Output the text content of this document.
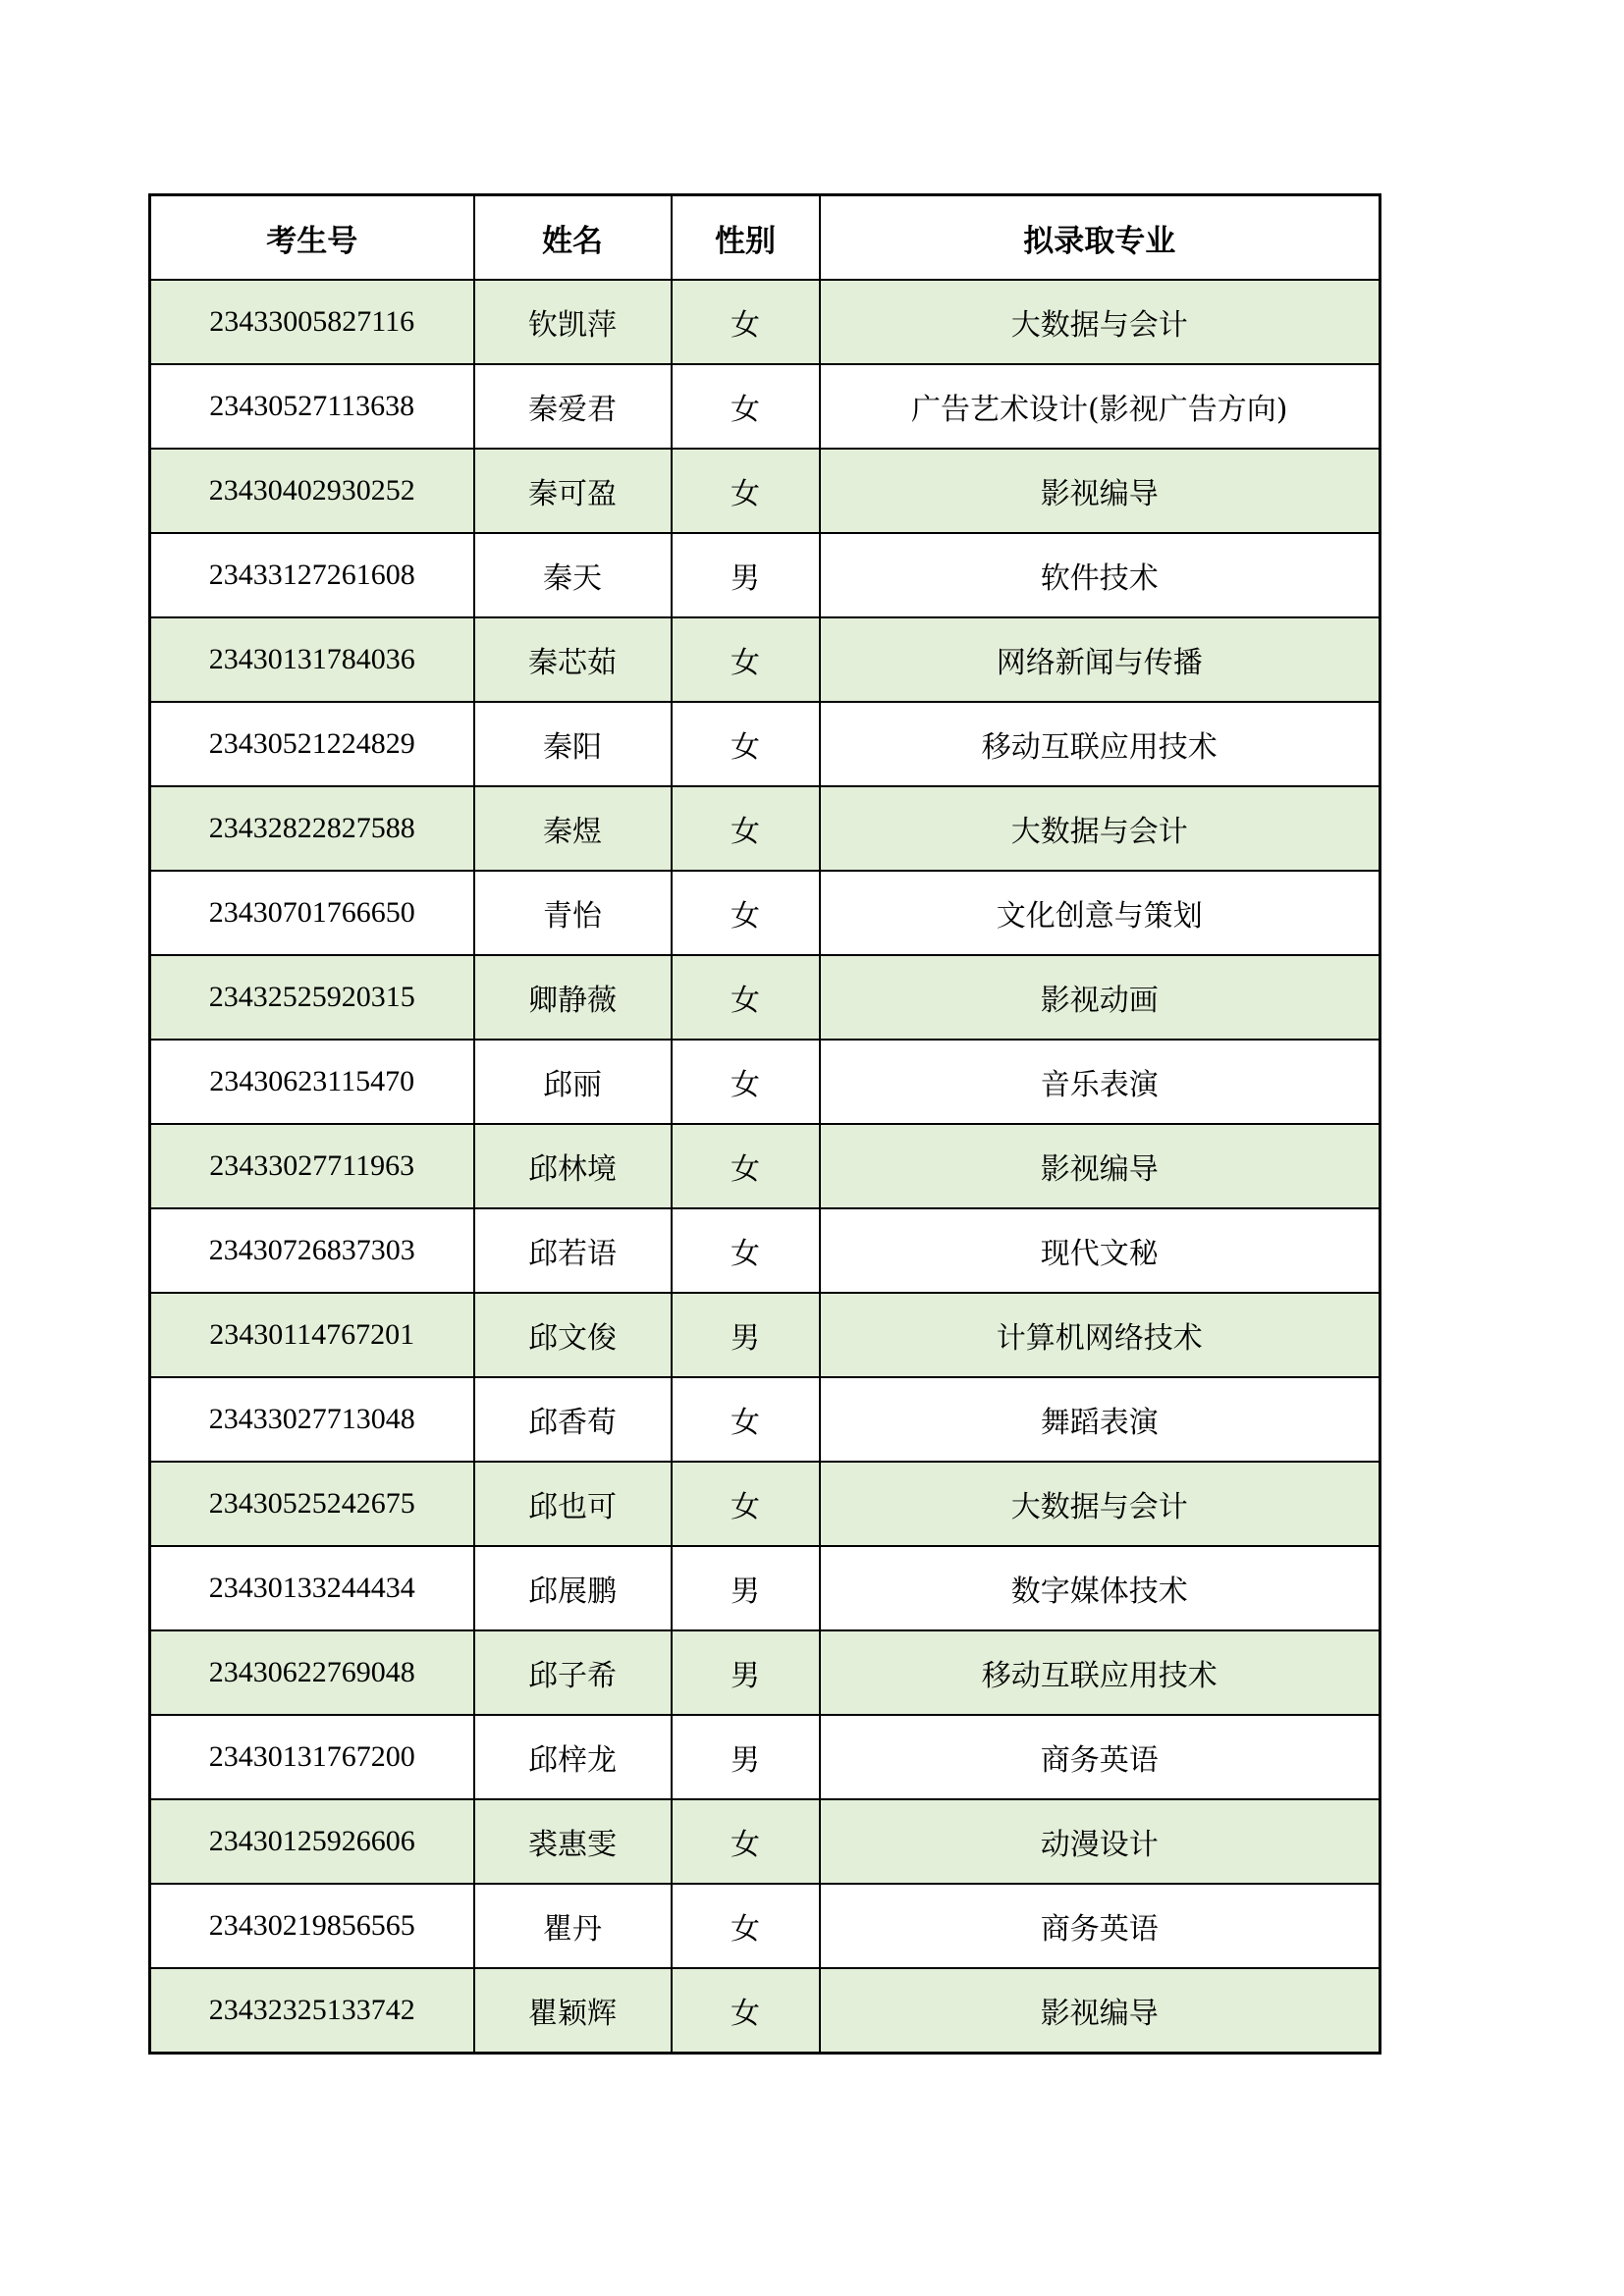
考生号	姓名	性别	拟录取专业
23433005827116	钦凯萍	女	大数据与会计
23430527113638	秦爱君	女	广告艺术设计(影视广告方向)
23430402930252	秦可盈	女	影视编导
23433127261608	秦天	男	软件技术
23430131784036	秦芯茹	女	网络新闻与传播
23430521224829	秦阳	女	移动互联应用技术
23432822827588	秦煜	女	大数据与会计
23430701766650	青怡	女	文化创意与策划
23432525920315	卿静薇	女	影视动画
23430623115470	邱丽	女	音乐表演
23433027711963	邱林境	女	影视编导
23430726837303	邱若语	女	现代文秘
23430114767201	邱文俊	男	计算机网络技术
23433027713048	邱香荀	女	舞蹈表演
23430525242675	邱也可	女	大数据与会计
23430133244434	邱展鹏	男	数字媒体技术
23430622769048	邱子希	男	移动互联应用技术
23430131767200	邱梓龙	男	商务英语
23430125926606	裘惠雯	女	动漫设计
23430219856565	瞿丹	女	商务英语
23432325133742	瞿颖辉	女	影视编导
